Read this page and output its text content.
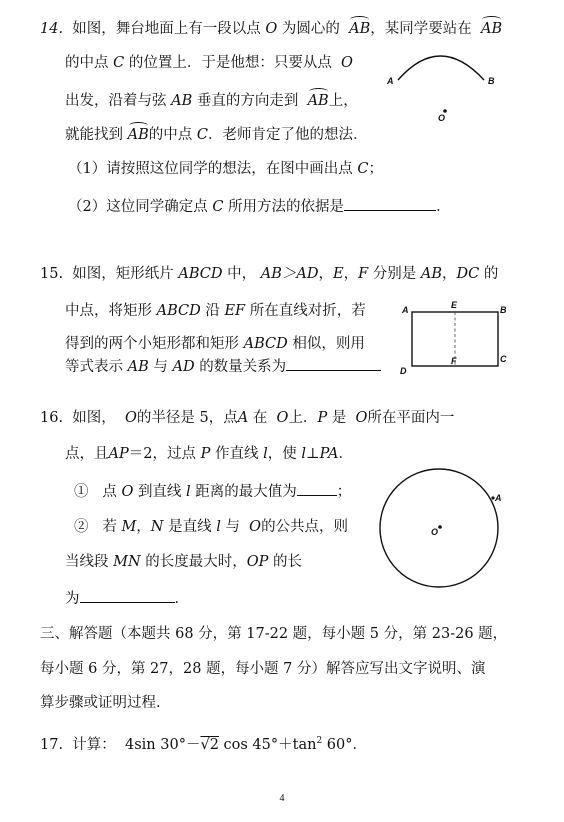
14. 如图，舞台地面上有一段以点 O 为圆心的 AB，某同学要站在 AB
的中点 C 的位置上．于是他想：只要从点 O
出发，沿着与弦 AB 垂直的方向走到 AB上，
就能找到 AB的中点 C．老师肯定了他的想法．
（1）请按照这位同学的想法，在图中画出点 C；
（2）这位同学确定点 C 所用方法的依据是	．
A	B
O
15. 如图，矩形纸片 ABCD 中， AB＞AD，E，F 分别是 AB，DC 的
中点，将矩形 ABCD 沿 EF 所在直线对折，若
得到的两个小矩形都和矩形 ABCD 相似，则用
等式表示 AB 与 AD 的数量关系为
A	E	B
D
F	C
16. 如图， O的半径是 5，点A 在 O上．P 是 O所在平面内一
点，且AP＝2，过点 P 作直线 l，使 l⊥PA．
① 点 O 到直线 l 距离的最大值为	；
② 若 M，N 是直线 l 与 O的公共点，则
当线段 MN 的长度最大时，OP 的长
为	．
A
O
三、解答题（本题共 68 分，第 17-22 题，每小题 5 分，第 23-26 题，
每小题 6 分，第 27，28 题，每小题 7 分）解答应写出文字说明、演
算步骤或证明过程.
17. 计算： 4sin 30°－√2 $\cos 45^\circ+\tan^2$ 60°．
4
